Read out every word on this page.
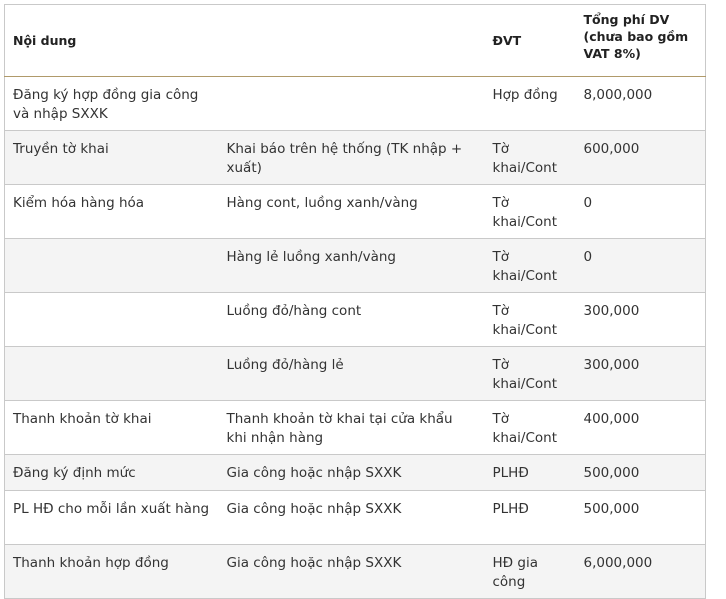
Nội dung		ĐVT	Tổng phí DV
(chưa bao gồm
VAT 8%)

Đăng ký hợp đồng gia công và nhập SXXK		Hợp đồng	8,000,000
Truyền tờ khai	Khai báo trên hệ thống (TK nhập + xuất)	Tờ khai/Cont	600,000
Kiểm hóa hàng hóa	Hàng cont, luồng xanh/vàng	Tờ khai/Cont	0
	Hàng lẻ luồng xanh/vàng	Tờ khai/Cont	0
	Luồng đỏ/hàng cont	Tờ khai/Cont	300,000
	Luồng đỏ/hàng lẻ	Tờ khai/Cont	300,000
Thanh khoản tờ khai	Thanh khoản tờ khai tại cửa khẩu khi nhận hàng	Tờ khai/Cont	400,000
Đăng ký định mức	Gia công hoặc nhập SXXK	PLHĐ	500,000
PL HĐ cho mỗi lần xuất hàng	Gia công hoặc nhập SXXK	PLHĐ	500,000
Thanh khoản hợp đồng	Gia công hoặc nhập SXXK	HĐ gia công	6,000,000
